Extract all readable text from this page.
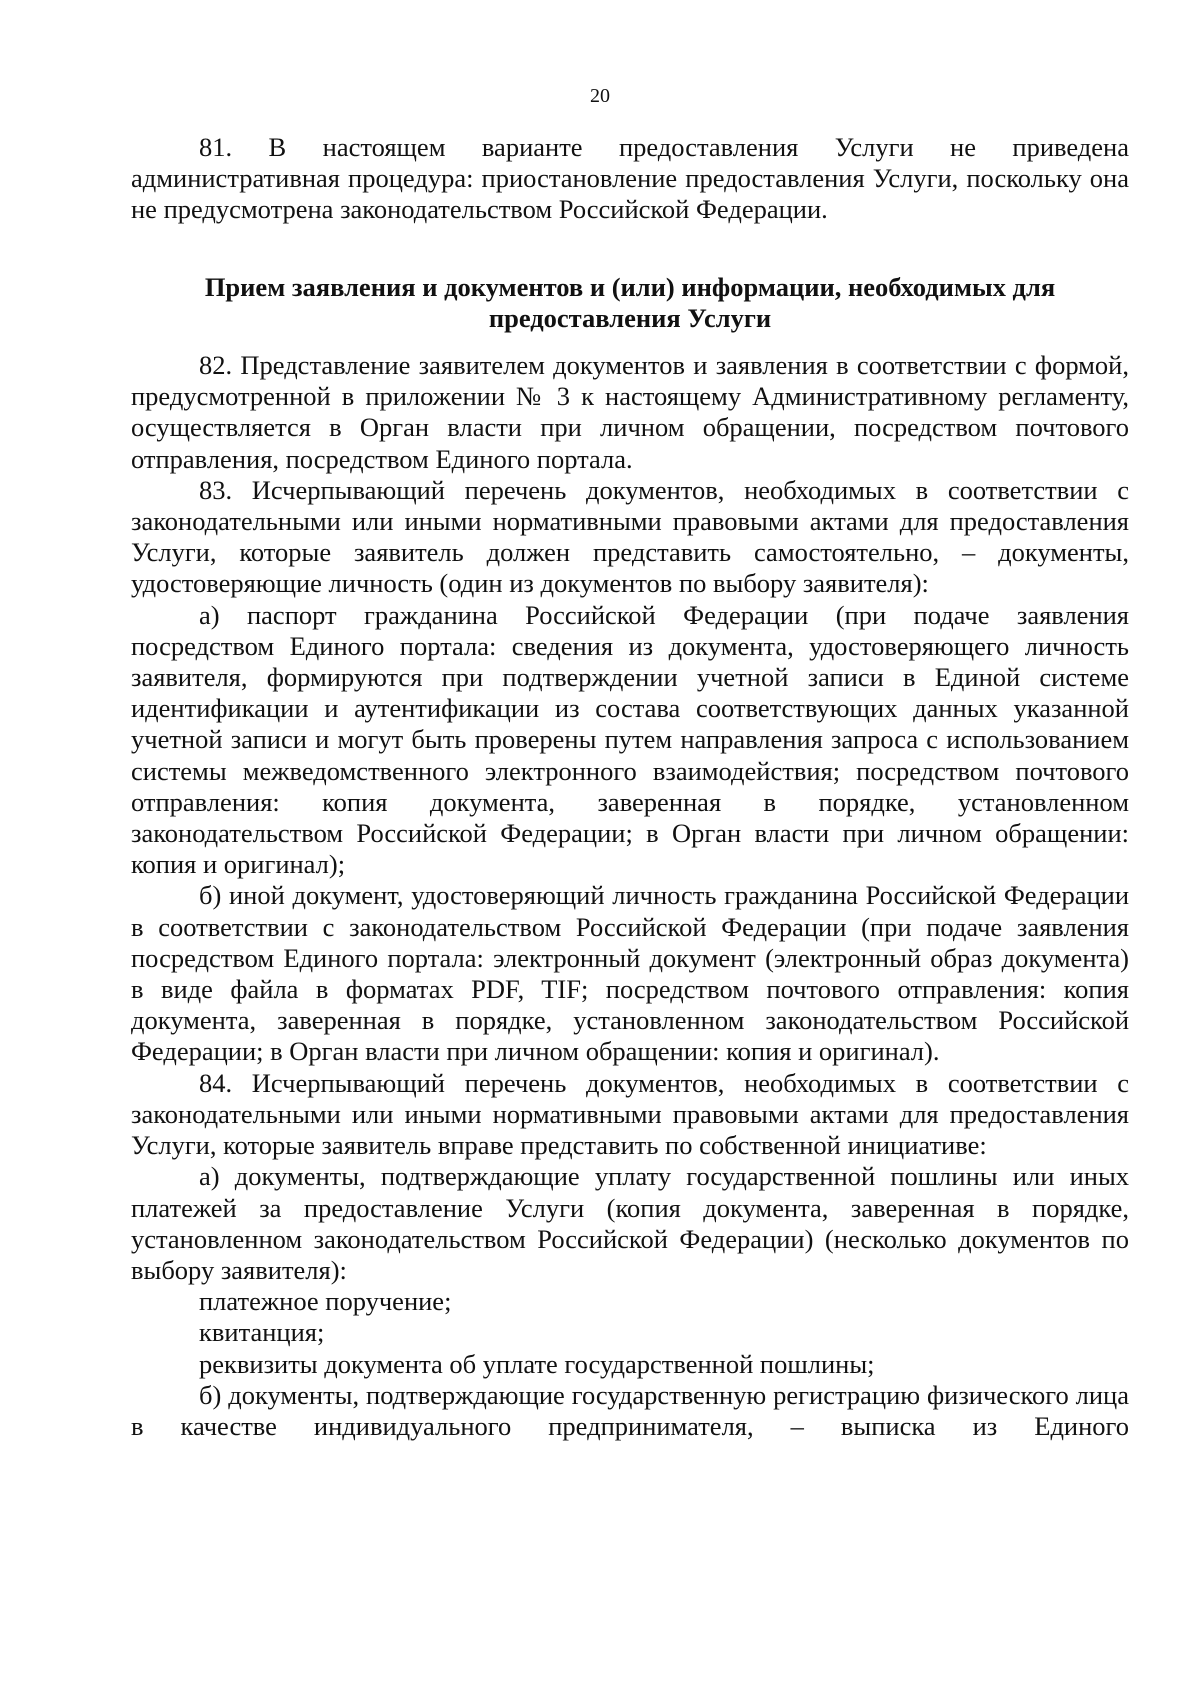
20

81. В настоящем варианте предоставления Услуги не приведена административная процедура: приостановление предоставления Услуги, поскольку она не предусмотрена законодательством Российской Федерации.

Прием заявления и документов и (или) информации, необходимых для предоставления Услуги

82. Представление заявителем документов и заявления в соответствии с формой, предусмотренной в приложении № 3 к настоящему Административному регламенту, осуществляется в Орган власти при личном обращении, посредством почтового отправления, посредством Единого портала.

83. Исчерпывающий перечень документов, необходимых в соответствии с законодательными или иными нормативными правовыми актами для предоставления Услуги, которые заявитель должен представить самостоятельно, – документы, удостоверяющие личность (один из документов по выбору заявителя):

а) паспорт гражданина Российской Федерации (при подаче заявления посредством Единого портала: сведения из документа, удостоверяющего личность заявителя, формируются при подтверждении учетной записи в Единой системе идентификации и аутентификации из состава соответствующих данных указанной учетной записи и могут быть проверены путем направления запроса с использованием системы межведомственного электронного взаимодействия; посредством почтового отправления: копия документа, заверенная в порядке, установленном законодательством Российской Федерации; в Орган власти при личном обращении: копия и оригинал);

б) иной документ, удостоверяющий личность гражданина Российской Федерации в соответствии с законодательством Российской Федерации (при подаче заявления посредством Единого портала: электронный документ (электронный образ документа) в виде файла в форматах PDF, TIF; посредством почтового отправления: копия документа, заверенная в порядке, установленном законодательством Российской Федерации; в Орган власти при личном обращении: копия и оригинал).

84. Исчерпывающий перечень документов, необходимых в соответствии с законодательными или иными нормативными правовыми актами для предоставления Услуги, которые заявитель вправе представить по собственной инициативе:

а) документы, подтверждающие уплату государственной пошлины или иных платежей за предоставление Услуги (копия документа, заверенная в порядке, установленном законодательством Российской Федерации) (несколько документов по выбору заявителя):

платежное поручение;

квитанция;

реквизиты документа об уплате государственной пошлины;

б) документы, подтверждающие государственную регистрацию физического лица в качестве индивидуального предпринимателя, – выписка из Единого
